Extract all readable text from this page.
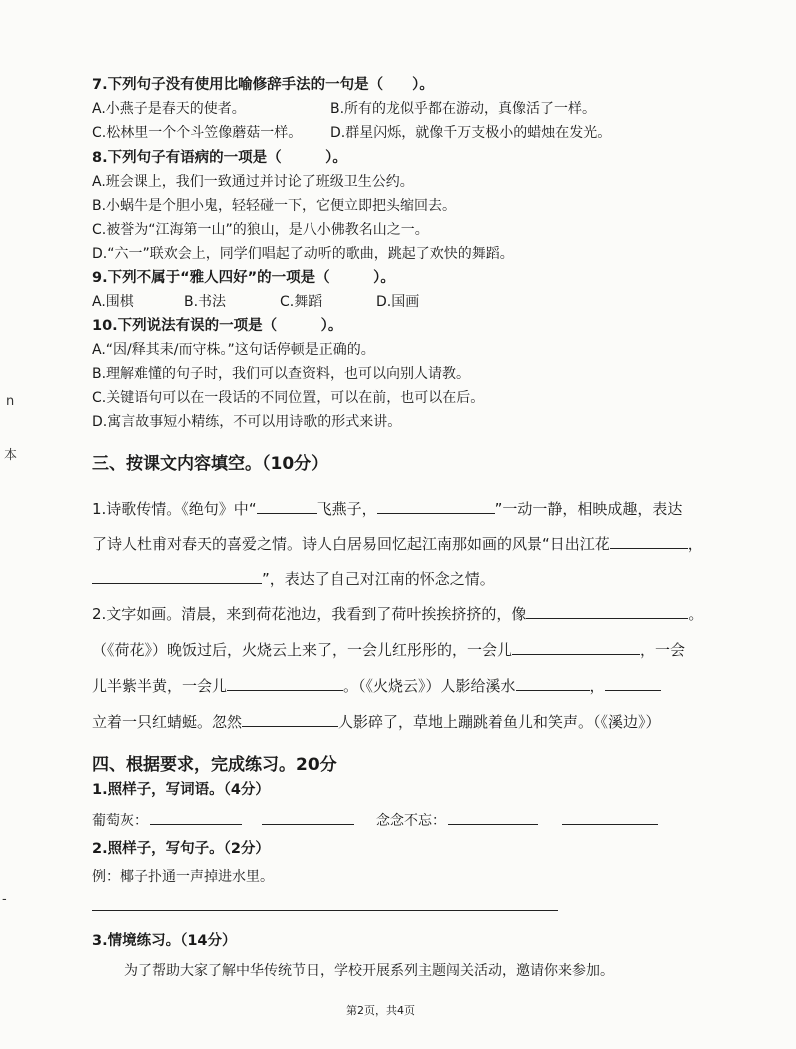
7.下列句子没有使用比喻修辞手法的一句是（　　）。
A.小燕子是春天的使者。	B.所有的龙似乎都在游动，真像活了一样。
C.松林里一个个斗笠像蘑菇一样。 D.群星闪烁，就像千万支极小的蜡烛在发光。
8.下列句子有语病的一项是（　　　）。
A.班会课上，我们一致通过并讨论了班级卫生公约。
B.小蜗牛是个胆小鬼，轻轻碰一下，它便立即把头缩回去。
C.被誉为“江海第一山”的狼山，是八小佛教名山之一。
D.“六一”联欢会上，同学们唱起了动听的歌曲，跳起了欢快的舞蹈。
9.下列不属于“雅人四好”的一项是（　　　）。
A.围棋	B.书法	C.舞蹈	D.国画
10.下列说法有误的一项是（　　　）。
A.“因/释其耒/而守株。”这句话停顿是正确的。
B.理解难懂的句子时，我们可以查资料，也可以向别人请教。
C.关键语句可以在一段话的不同位置，可以在前，也可以在后。
D.寓言故事短小精练，不可以用诗歌的形式来讲。
n
本
-
三、按课文内容填空。（10分）
1.诗歌传情。《绝句》中“	飞燕子，	”一动一静，相映成趣，表达
了诗人杜甫对春天的喜爱之情。诗人白居易回忆起江南那如画的风景“日出江花	，
”，表达了自己对江南的怀念之情。
2.文字如画。清晨，来到荷花池边，我看到了荷叶挨挨挤挤的，像	。
（《荷花》）晚饭过后，火烧云上来了，一会儿红彤彤的，一会儿	，一会
儿半紫半黄，一会儿	。（《火烧云》）人影给溪水	，
立着一只红蜻蜓。忽然	人影碎了，草地上蹦跳着鱼儿和笑声。（《溪边》）
四、根据要求，完成练习。20分
1.照样子，写词语。（4分）
葡萄灰：	念念不忘：
2.照样子，写句子。（2分）
例：椰子扑通一声掉进水里。
3.情境练习。（14分）
为了帮助大家了解中华传统节日，学校开展系列主题闯关活动，邀请你来参加。
第2页，共4页
